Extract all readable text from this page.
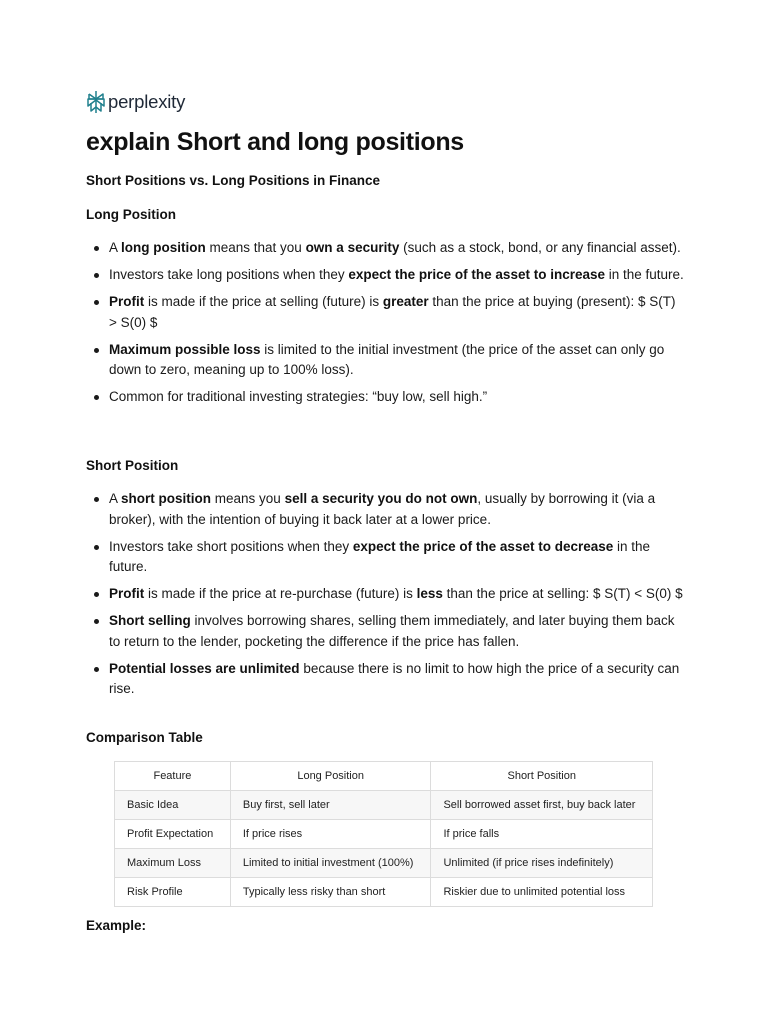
perplexity
explain Short and long positions
Short Positions vs. Long Positions in Finance
Long Position
A long position means that you own a security (such as a stock, bond, or any financial asset).
Investors take long positions when they expect the price of the asset to increase in the future.
Profit is made if the price at selling (future) is greater than the price at buying (present): $ S(T) > S(0) $
Maximum possible loss is limited to the initial investment (the price of the asset can only go down to zero, meaning up to 100% loss).
Common for traditional investing strategies: “buy low, sell high.”
Short Position
A short position means you sell a security you do not own, usually by borrowing it (via a broker), with the intention of buying it back later at a lower price.
Investors take short positions when they expect the price of the asset to decrease in the future.
Profit is made if the price at re-purchase (future) is less than the price at selling: $ S(T) < S(0) $
Short selling involves borrowing shares, selling them immediately, and later buying them back to return to the lender, pocketing the difference if the price has fallen.
Potential losses are unlimited because there is no limit to how high the price of a security can rise.
Comparison Table
Feature	Long Position	Short Position
Basic Idea	Buy first, sell later	Sell borrowed asset first, buy back later
Profit Expectation	If price rises	If price falls
Maximum Loss	Limited to initial investment (100%)	Unlimited (if price rises indefinitely)
Risk Profile	Typically less risky than short	Riskier due to unlimited potential loss
Example:
